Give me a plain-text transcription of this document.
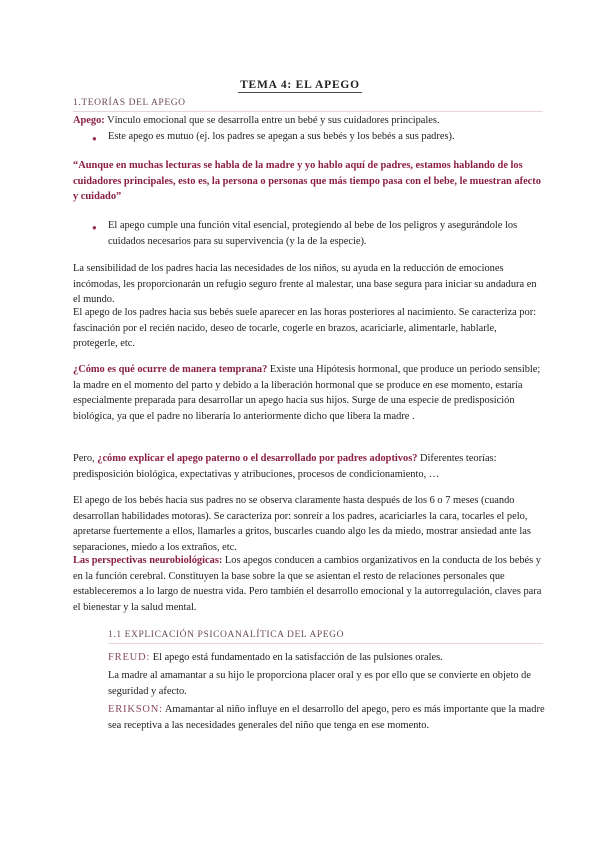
TEMA 4: EL APEGO

1.TEORÍAS DEL APEGO

Apego: Vínculo emocional que se desarrolla entre un bebé y sus cuidadores principales.

●

Este apego es mutuo (ej. los padres se apegan a sus bebés y los bebés a sus padres).

“Aunque en muchas lecturas se habla de la madre y yo hablo aquí de padres, estamos hablando de los cuidadores principales, esto es, la persona o personas que más tiempo pasa con el bebe, le muestran afecto y cuidado”

●

El apego cumple una función vital esencial, protegiendo al bebe de los peligros y asegurándole los cuidados necesarios para su supervivencia (y la de la especie).

La sensibilidad de los padres hacia las necesidades de los niños, su ayuda en la reducción de emociones incómodas, les proporcionarán un refugio seguro frente al malestar, una base segura para iniciar su andadura en el mundo.

El apego de los padres hacia sus bebés suele aparecer en las horas posteriores al nacimiento. Se caracteriza por: fascinación por el recién nacido, deseo de tocarle, cogerle en brazos, acariciarle, alimentarle, hablarle, protegerle, etc.

¿Cómo es qué ocurre de manera temprana? Existe una Hipótesis hormonal, que produce un periodo sensible; la madre en el momento del parto y debido a la liberación hormonal que se produce en ese momento, estaría especialmente preparada para desarrollar un apego hacia sus hijos. Surge de una especie de predisposición biológica, ya que el padre no liberaría lo anteriormente dicho que libera la madre .

Pero, ¿cómo explicar el apego paterno o el desarrollado por padres adoptivos? Diferentes teorías: predisposición biológica, expectativas y atribuciones, procesos de condicionamiento, …

El apego de los bebés hacia sus padres no se observa claramente hasta después de los 6 o 7 meses (cuando desarrollan habilidades motoras). Se caracteriza por: sonreír a los padres, acariciarles la cara, tocarles el pelo, apretarse fuertemente a ellos, llamarles a gritos, buscarles cuando algo les da miedo, mostrar ansiedad ante las separaciones, miedo a los extraños, etc.

Las perspectivas neurobiológicas: Los apegos conducen a cambios organizativos en la conducta de los bebés y en la función cerebral. Constituyen la base sobre la que se asientan el resto de relaciones personales que estableceremos a lo largo de nuestra vida. Pero también el desarrollo emocional y la autorregulación, claves para el bienestar y la salud mental.

1.1 EXPLICACIÓN PSICOANALÍTICA DEL APEGO

FREUD: El apego está fundamentado en la satisfacción de las pulsiones orales.

La madre al amamantar a su hijo le proporciona placer oral y es por ello que se convierte en objeto de seguridad y afecto.

ERIKSON: Amamantar al niño influye en el desarrollo del apego, pero es más importante que la madre sea receptiva a las necesidades generales del niño que tenga en ese momento.
